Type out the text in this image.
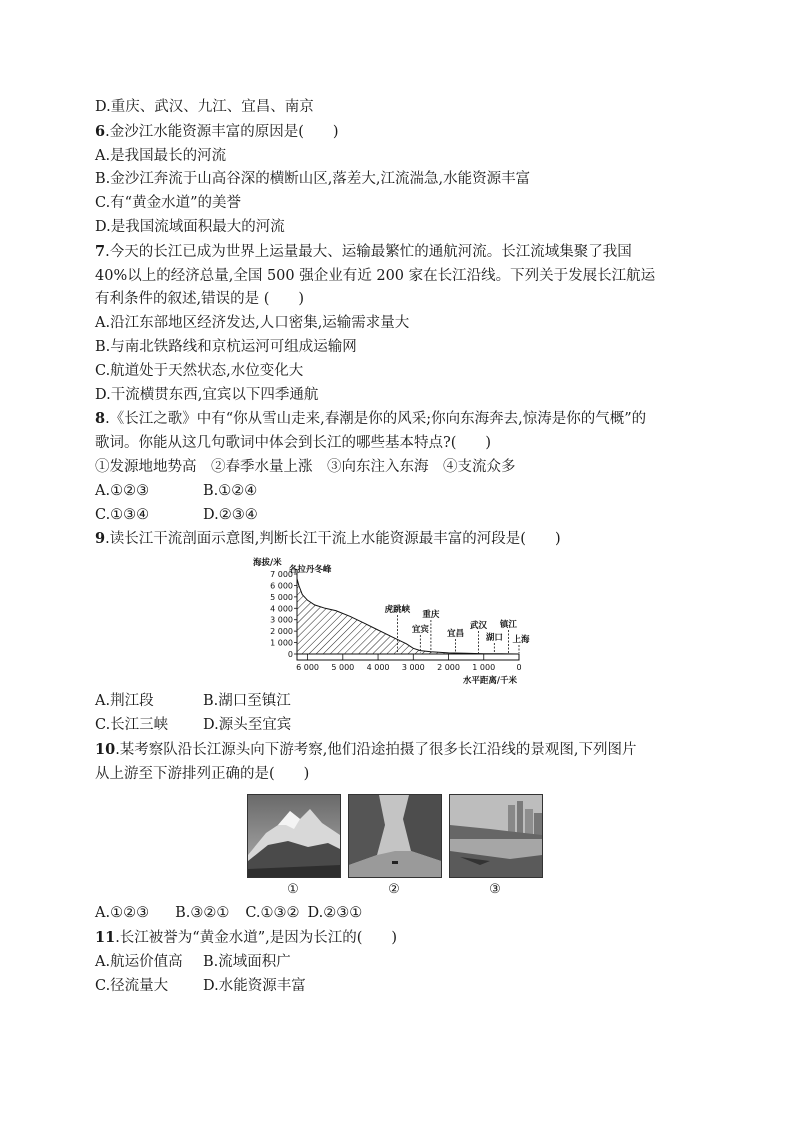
D.重庆、武汉、九江、宜昌、南京
6.金沙江水能资源丰富的原因是(　　)
A.是我国最长的河流
B.金沙江奔流于山高谷深的横断山区,落差大,江流湍急,水能资源丰富
C.有“黄金水道”的美誉
D.是我国流域面积最大的河流
7.今天的长江已成为世界上运量最大、运输最繁忙的通航河流。长江流域集聚了我国
40%以上的经济总量,全国 500 强企业有近 200 家在长江沿线。下列关于发展长江航运
有利条件的叙述,错误的是 (　　)
A.沿江东部地区经济发达,人口密集,运输需求量大
B.与南北铁路线和京杭运河可组成运输网
C.航道处于天然状态,水位变化大
D.干流横贯东西,宜宾以下四季通航
8.《长江之歌》中有“你从雪山走来,春潮是你的风采;你向东海奔去,惊涛是你的气概”的
歌词。你能从这几句歌词中体会到长江的哪些基本特点?(　　)
①发源地地势高　②春季水量上涨　③向东注入东海　④支流众多
A.①②③	B.①②④
C.①③④	D.②③④
9.读长江干流剖面示意图,判断长江干流上水能资源最丰富的河段是(　　)
海拔/米
7 000
6 000
5 000
4 000
3 000
2 000
1 000
0
6 000 5 000 4 000 3 000 2 000 1 000	0
水平距离/千米
各拉丹冬峰
虎跳峡
宜宾
重庆
宜昌
武汉
湖口
镇江
上海
A.荆江段	B.湖口至镇江
C.长江三峡	D.源头至宜宾
10.某考察队沿长江源头向下游考察,他们沿途拍摄了很多长江沿线的景观图,下列图片
从上游至下游排列正确的是(　　)
①	②	③
A.①②③ B.③②① C.①③② D.②③①
11.长江被誉为“黄金水道”,是因为长江的(　　)
A.航运价值高	B.流域面积广
C.径流量大	D.水能资源丰富
